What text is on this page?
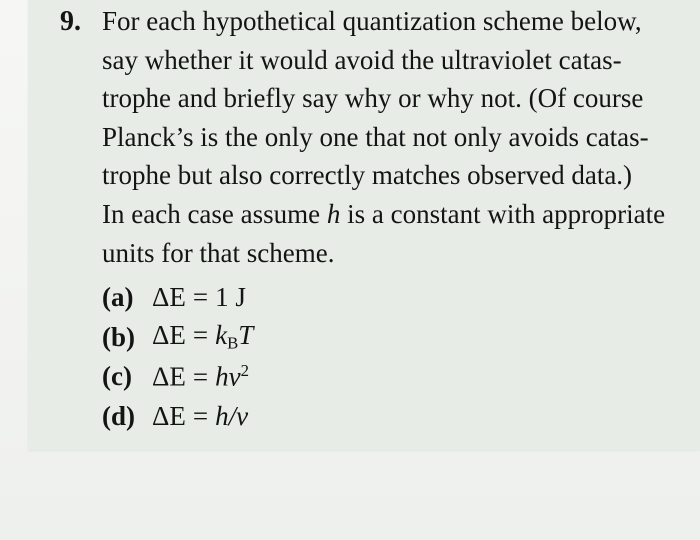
9. For each hypothetical quantization scheme below,
say whether it would avoid the ultraviolet catas-
trophe and briefly say why or why not. (Of course
Planck’s is the only one that not only avoids catas-
trophe but also correctly matches observed data.)
In each case assume h is a constant with appropriate
units for that scheme.
(a) ΔE = 1 J
(b) $\Delta E = k_BT$
(c) $\Delta E = h\nu^2$
(d) ΔE = h/ν
